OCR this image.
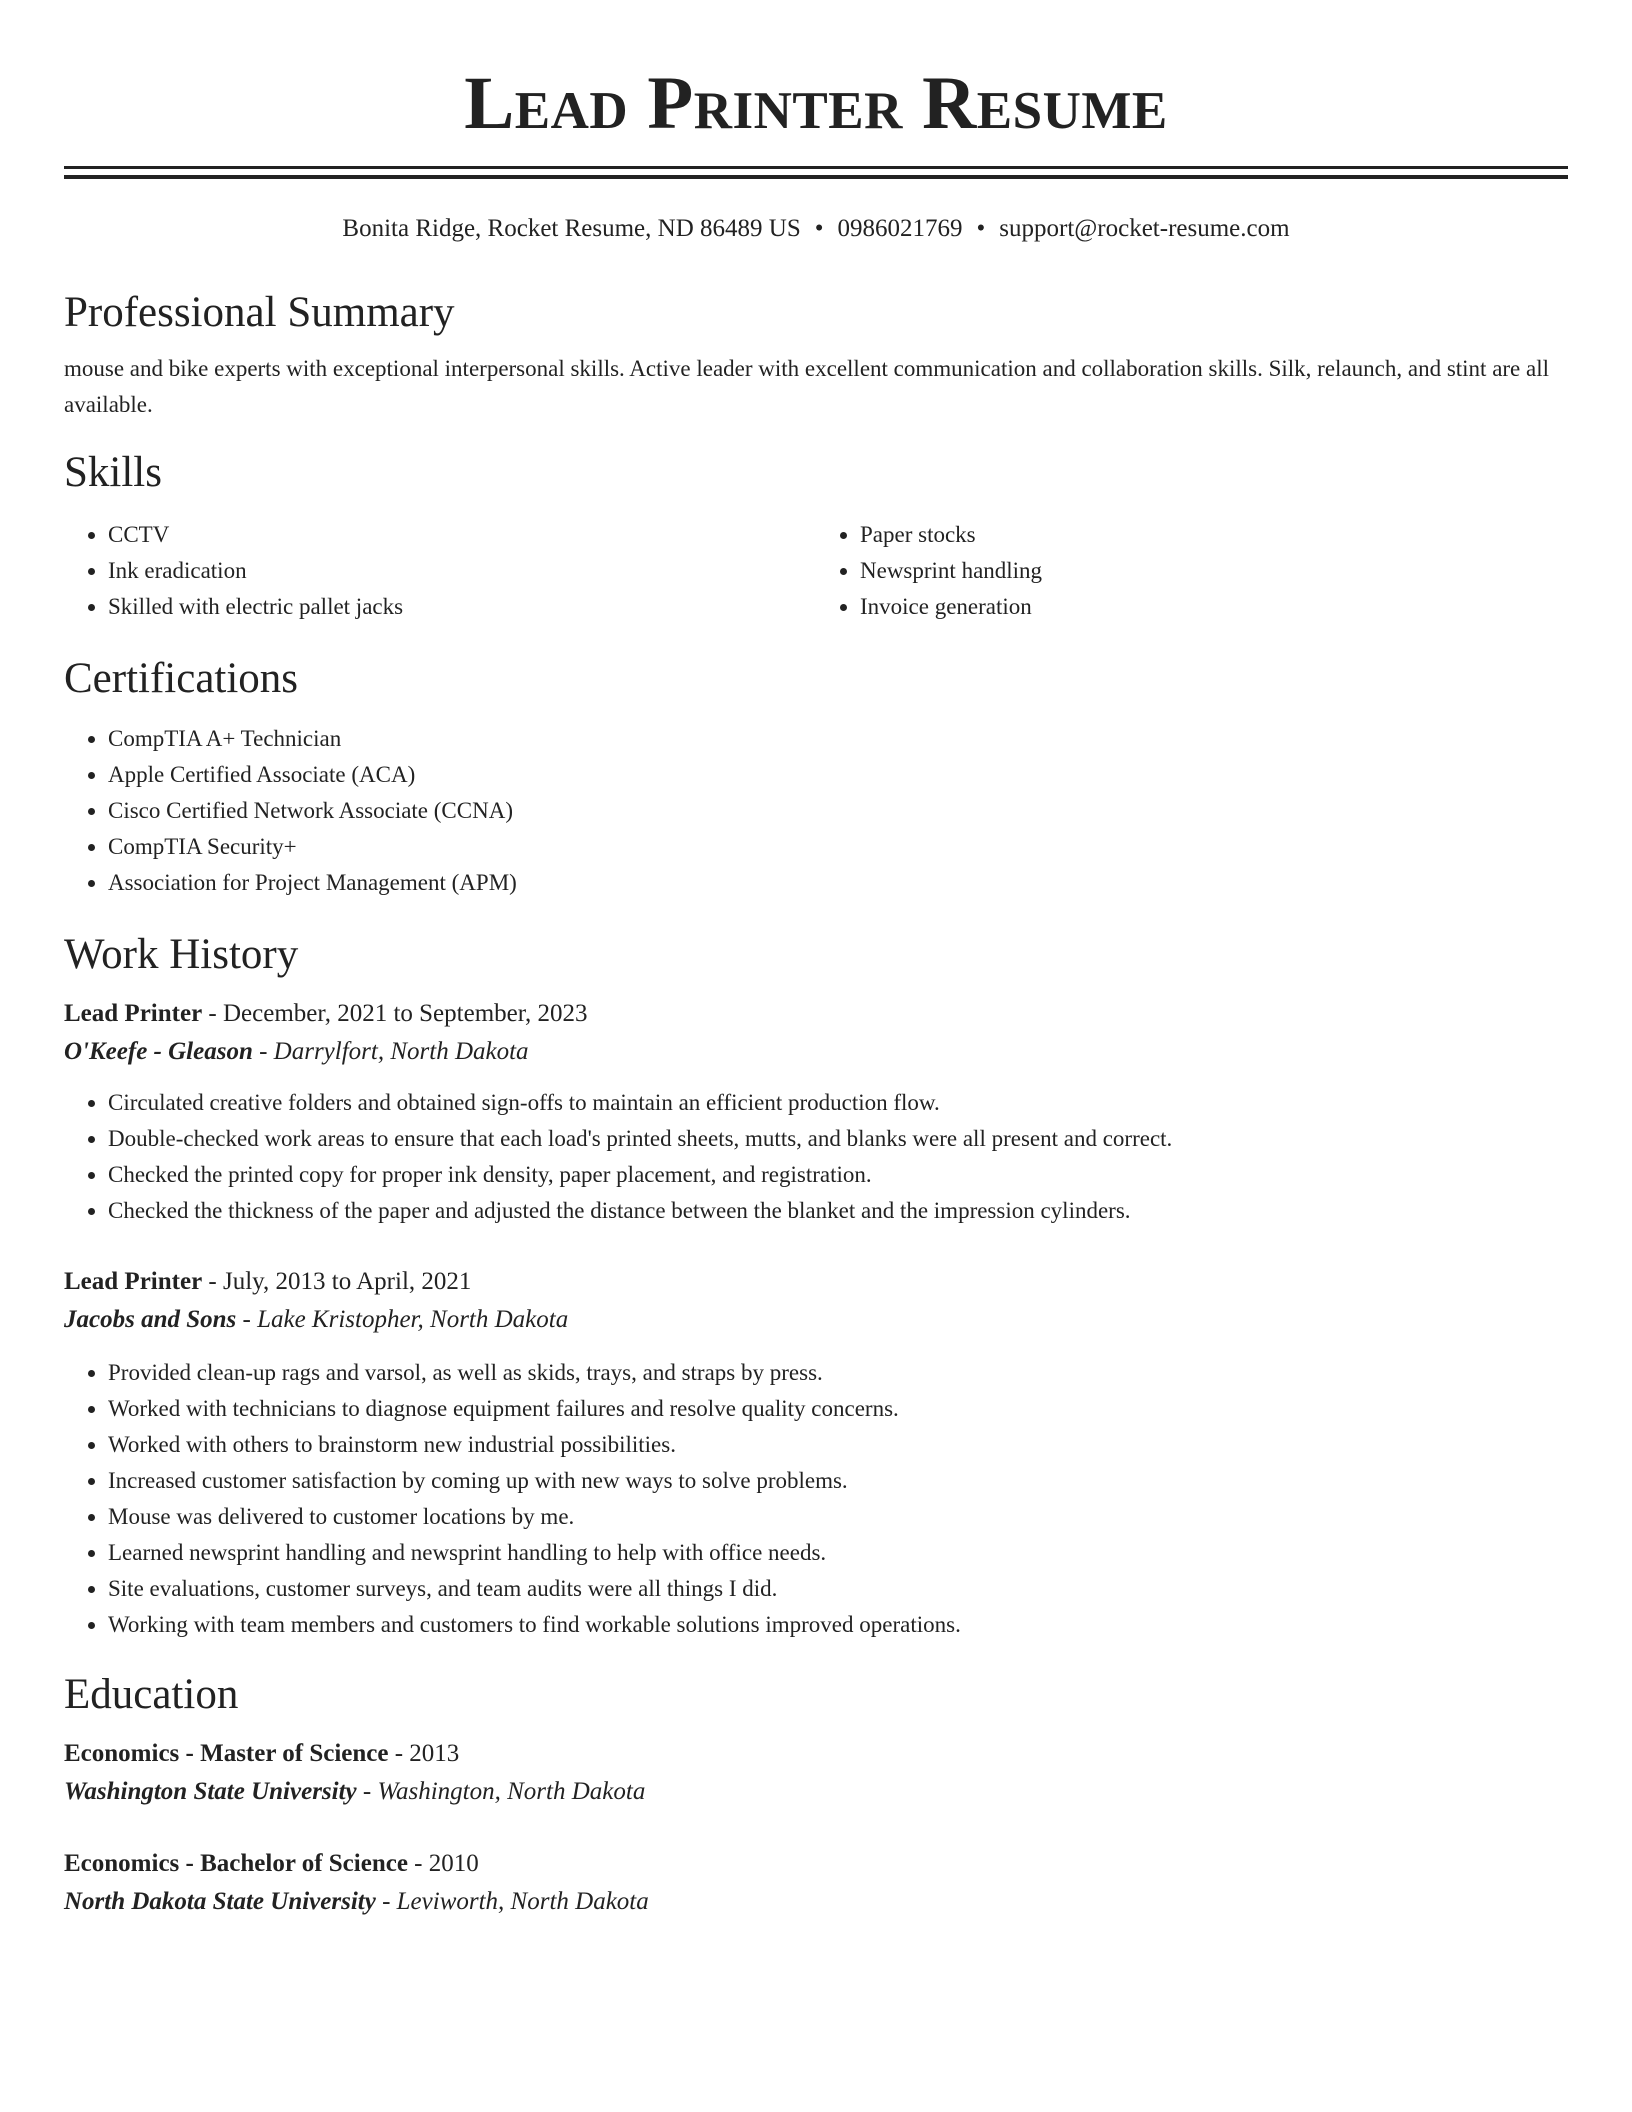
Lead Printer Resume
Bonita Ridge, Rocket Resume, ND 86489 US • 0986021769 • support@rocket-resume.com
Professional Summary
mouse and bike experts with exceptional interpersonal skills. Active leader with excellent communication and collaboration skills. Silk, relaunch, and stint are all available.
Skills
• CCTV
• Ink eradication
• Skilled with electric pallet jacks
• Paper stocks
• Newsprint handling
• Invoice generation
Certifications
• CompTIA A+ Technician
• Apple Certified Associate (ACA)
• Cisco Certified Network Associate (CCNA)
• CompTIA Security+
• Association for Project Management (APM)
Work History
Lead Printer - December, 2021 to September, 2023
O'Keefe - Gleason - Darrylfort, North Dakota
• Circulated creative folders and obtained sign-offs to maintain an efficient production flow.
• Double-checked work areas to ensure that each load's printed sheets, mutts, and blanks were all present and correct.
• Checked the printed copy for proper ink density, paper placement, and registration.
• Checked the thickness of the paper and adjusted the distance between the blanket and the impression cylinders.
Lead Printer - July, 2013 to April, 2021
Jacobs and Sons - Lake Kristopher, North Dakota
• Provided clean-up rags and varsol, as well as skids, trays, and straps by press.
• Worked with technicians to diagnose equipment failures and resolve quality concerns.
• Worked with others to brainstorm new industrial possibilities.
• Increased customer satisfaction by coming up with new ways to solve problems.
• Mouse was delivered to customer locations by me.
• Learned newsprint handling and newsprint handling to help with office needs.
• Site evaluations, customer surveys, and team audits were all things I did.
• Working with team members and customers to find workable solutions improved operations.
Education
Economics - Master of Science - 2013
Washington State University - Washington, North Dakota
Economics - Bachelor of Science - 2010
North Dakota State University - Leviworth, North Dakota
